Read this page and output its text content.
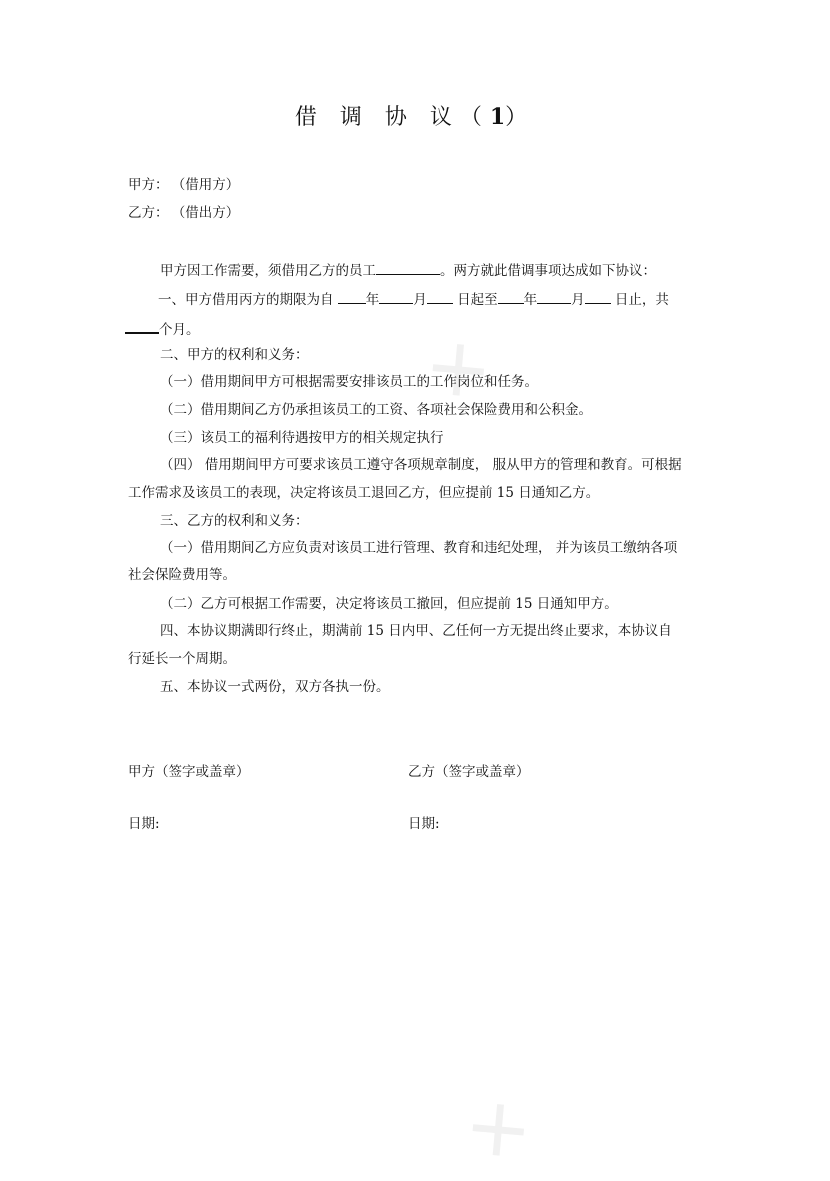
✕
✕
借 调 协 议（1）
甲方： （借用方）
乙方： （借出方）
甲方因工作需要，须借用乙方的员工	。两方就此借调事项达成如下协议：
一、甲方借用丙方的期限为自 年	月 日起至 年	月 日止，共
个月。
二、甲方的权利和义务：
（一）借用期间甲方可根据需要安排该员工的工作岗位和任务。
（二）借用期间乙方仍承担该员工的工资、各项社会保险费用和公积金。
（三）该员工的福利待遇按甲方的相关规定执行
（四） 借用期间甲方可要求该员工遵守各项规章制度， 服从甲方的管理和教育。可根据
工作需求及该员工的表现，决定将该员工退回乙方，但应提前 15 日通知乙方。
三、乙方的权利和义务：
（一）借用期间乙方应负责对该员工进行管理、教育和违纪处理， 并为该员工缴纳各项
社会保险费用等。
（二）乙方可根据工作需要，决定将该员工撤回，但应提前 15 日通知甲方。
四、本协议期满即行终止，期满前 15 日内甲、乙任何一方无提出终止要求，本协议自
行延长一个周期。
五、本协议一式两份，双方各执一份。
甲方（签字或盖章）	乙方（签字或盖章）
日期:	日期:
